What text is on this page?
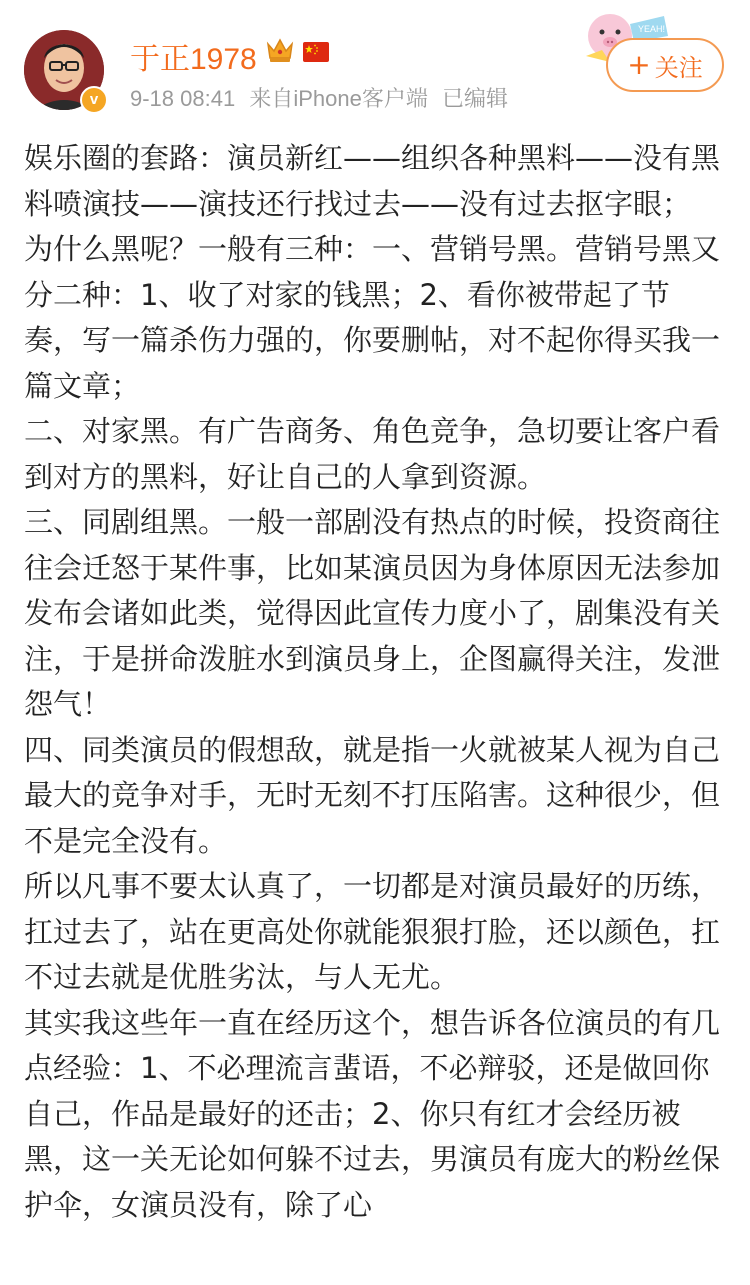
v
于正1978
9-18 08:41 来自iPhone客户端 已编辑
YEAH!
+ 关注

娱乐圈的套路：演员新红——组织各种黑料——没有黑料喷演技——演技还行找过去——没有过去抠字眼；

为什么黑呢？一般有三种：一、营销号黑。营销号黑又分二种：1、收了对家的钱黑；2、看你被带起了节奏，写一篇杀伤力强的，你要删帖，对不起你得买我一篇文章；

二、对家黑。有广告商务、角色竞争，急切要让客户看到对方的黑料，好让自己的人拿到资源。

三、同剧组黑。一般一部剧没有热点的时候，投资商往往会迁怒于某件事，比如某演员因为身体原因无法参加发布会诸如此类，觉得因此宣传力度小了，剧集没有关注，于是拼命泼脏水到演员身上，企图赢得关注，发泄怨气！

四、同类演员的假想敌，就是指一火就被某人视为自己最大的竞争对手，无时无刻不打压陷害。这种很少，但不是完全没有。

所以凡事不要太认真了，一切都是对演员最好的历练，扛过去了，站在更高处你就能狠狠打脸，还以颜色，扛不过去就是优胜劣汰，与人无尤。

其实我这些年一直在经历这个，想告诉各位演员的有几点经验：1、不必理流言蜚语，不必辩驳，还是做回你自己，作品是最好的还击；2、你只有红才会经历被黑，这一关无论如何躲不过去，男演员有庞大的粉丝保护伞，女演员没有，除了心
